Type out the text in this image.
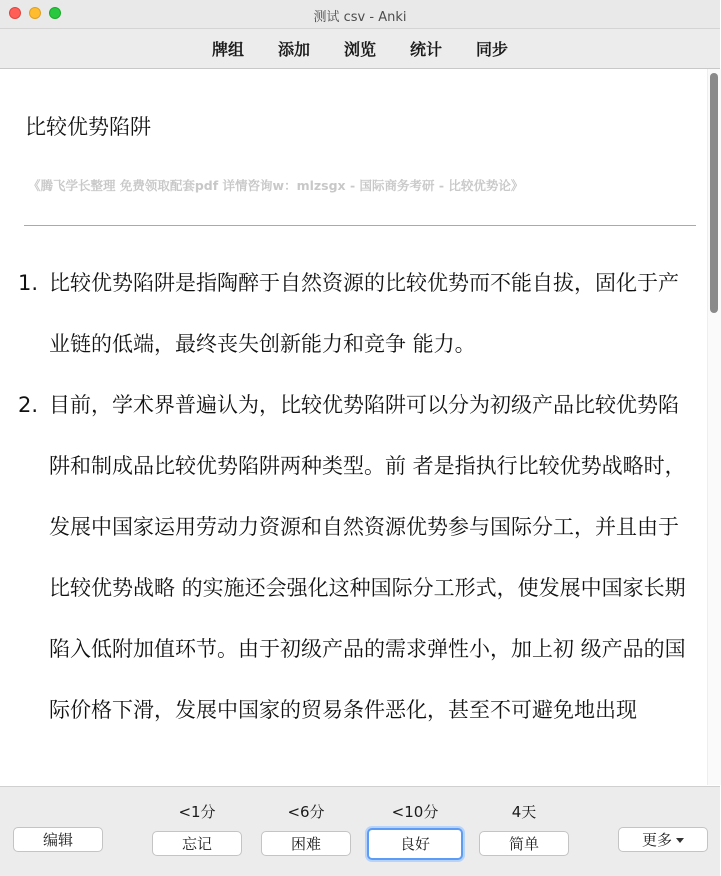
测试 csv - Anki
牌组	添加	浏览	统计	同步
比较优势陷阱
《腾飞学长整理 免费领取配套pdf 详情咨询w：mlzsgx - 国际商务考研 - 比较优势论》
1. 比较优势陷阱是指陶醉于自然资源的比较优势而不能自拔，固化于产业链的低端，最终丧失创新能力和竞争 能力。
2. 目前，学术界普遍认为，比较优势陷阱可以分为初级产品比较优势陷阱和制成品比较优势陷阱两种类型。前 者是指执行比较优势战略时，发展中国家运用劳动力资源和自然资源优势参与国际分工，并且由于比较优势战略 的实施还会强化这种国际分工形式，使发展中国家长期陷入低附加值环节。由于初级产品的需求弹性小，加上初 级产品的国际价格下滑，发展中国家的贸易条件恶化，甚至不可避免地出现
<1分	<6分	<10分	4天
编辑	忘记	困难	良好	简单	更多
